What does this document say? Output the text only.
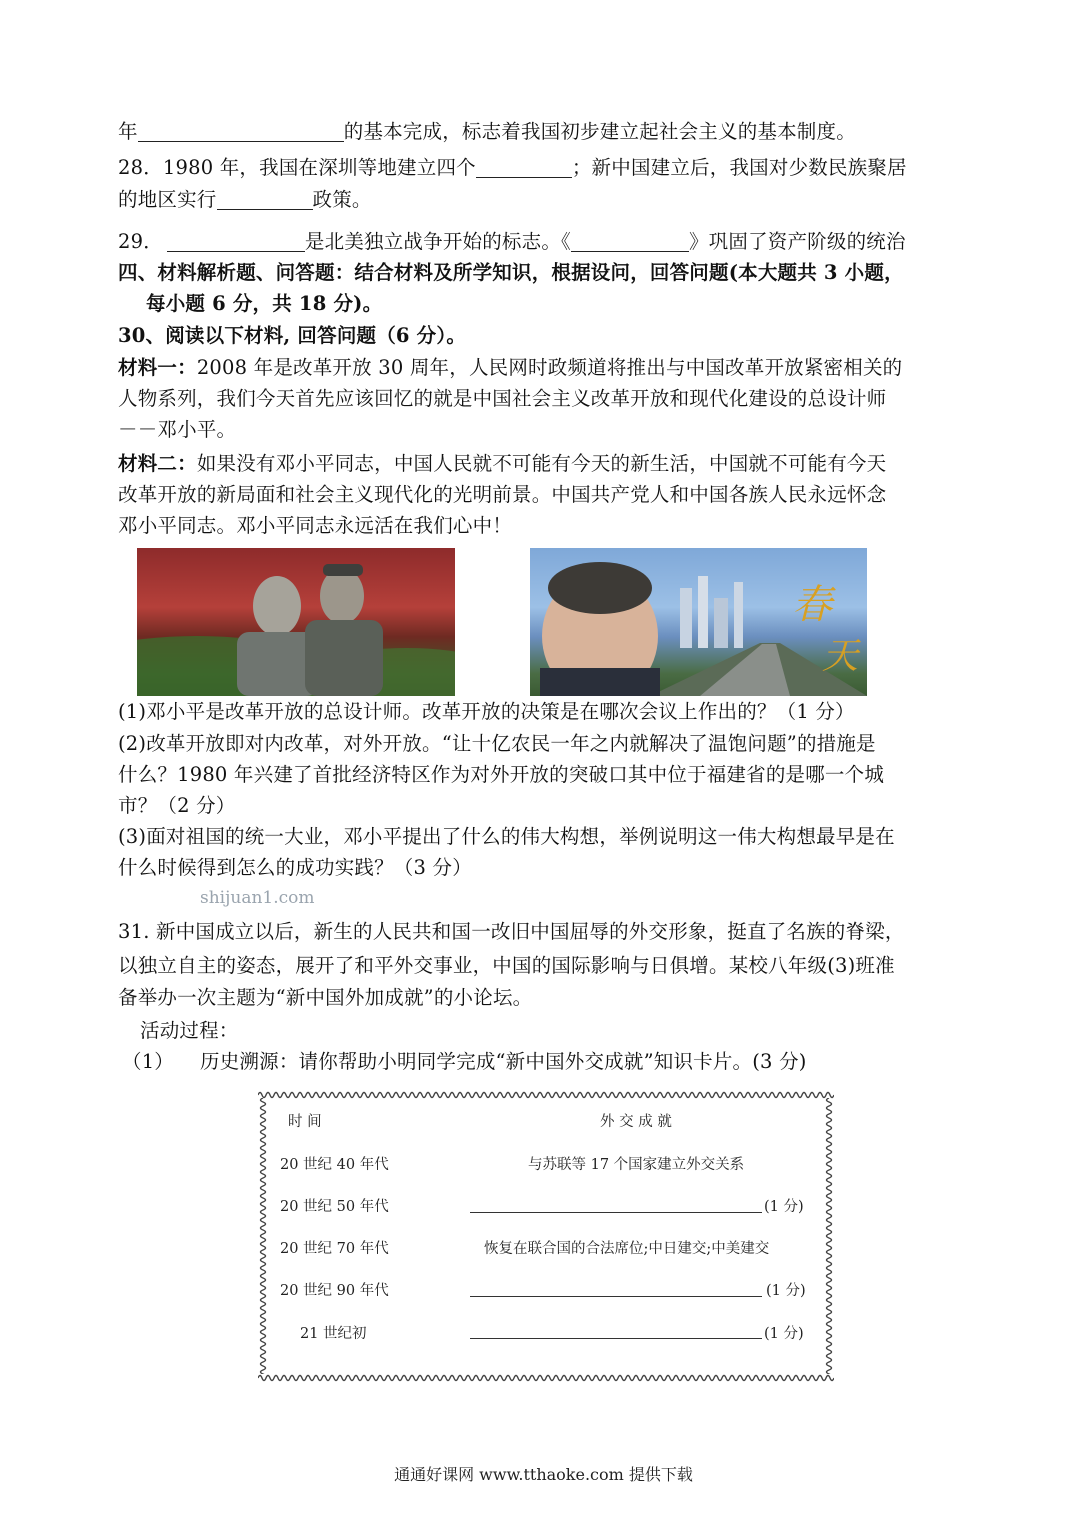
年	的基本完成，标志着我国初步建立起社会主义的基本制度。
28．1980 年，我国在深圳等地建立四个	；新中国建立后，我国对少数民族聚居
的地区实行	政策。
29．	是北美独立战争开始的标志。《	》巩固了资产阶级的统治
四、材料解析题、问答题：结合材料及所学知识，根据设问，回答问题(本大题共 3 小题，
每小题 6 分，共 18 分)。
30、阅读以下材料, 回答问题（6 分）。
材料一：2008 年是改革开放 30 周年，人民网时政频道将推出与中国改革开放紧密相关的
人物系列，我们今天首先应该回忆的就是中国社会主义改革开放和现代化建设的总设计师
－－邓小平。
材料二：如果没有邓小平同志，中国人民就不可能有今天的新生活，中国就不可能有今天
改革开放的新局面和社会主义现代化的光明前景。中国共产党人和中国各族人民永远怀念
邓小平同志。邓小平同志永远活在我们心中！
春
天
(1)邓小平是改革开放的总设计师。改革开放的决策是在哪次会议上作出的？（1 分）
(2)改革开放即对内改革，对外开放。“让十亿农民一年之内就解决了温饱问题”的措施是
什么？1980 年兴建了首批经济特区作为对外开放的突破口其中位于福建省的是哪一个城
市？（2 分）
(3)面对祖国的统一大业，邓小平提出了什么的伟大构想，举例说明这一伟大构想最早是在
什么时候得到怎么的成功实践？（3 分）
shijuan1.com
31. 新中国成立以后，新生的人民共和国一改旧中国屈辱的外交形象，挺直了名族的脊梁，
以独立自主的姿态，展开了和平外交事业，中国的国际影响与日俱增。某校八年级(3)班准
备举办一次主题为“新中国外加成就”的小论坛。
活动过程：
（1） 历史溯源：请你帮助小明同学完成“新中国外交成就”知识卡片。(3 分)
时 间	外 交 成 就
20 世纪 40 年代	与苏联等 17 个国家建立外交关系
20 世纪 50 年代	(1 分)
20 世纪 70 年代	恢复在联合国的合法席位;中日建交;中美建交
20 世纪 90 年代	(1 分)
21 世纪初	(1 分)
通通好课网 www.tthaoke.com 提供下载
